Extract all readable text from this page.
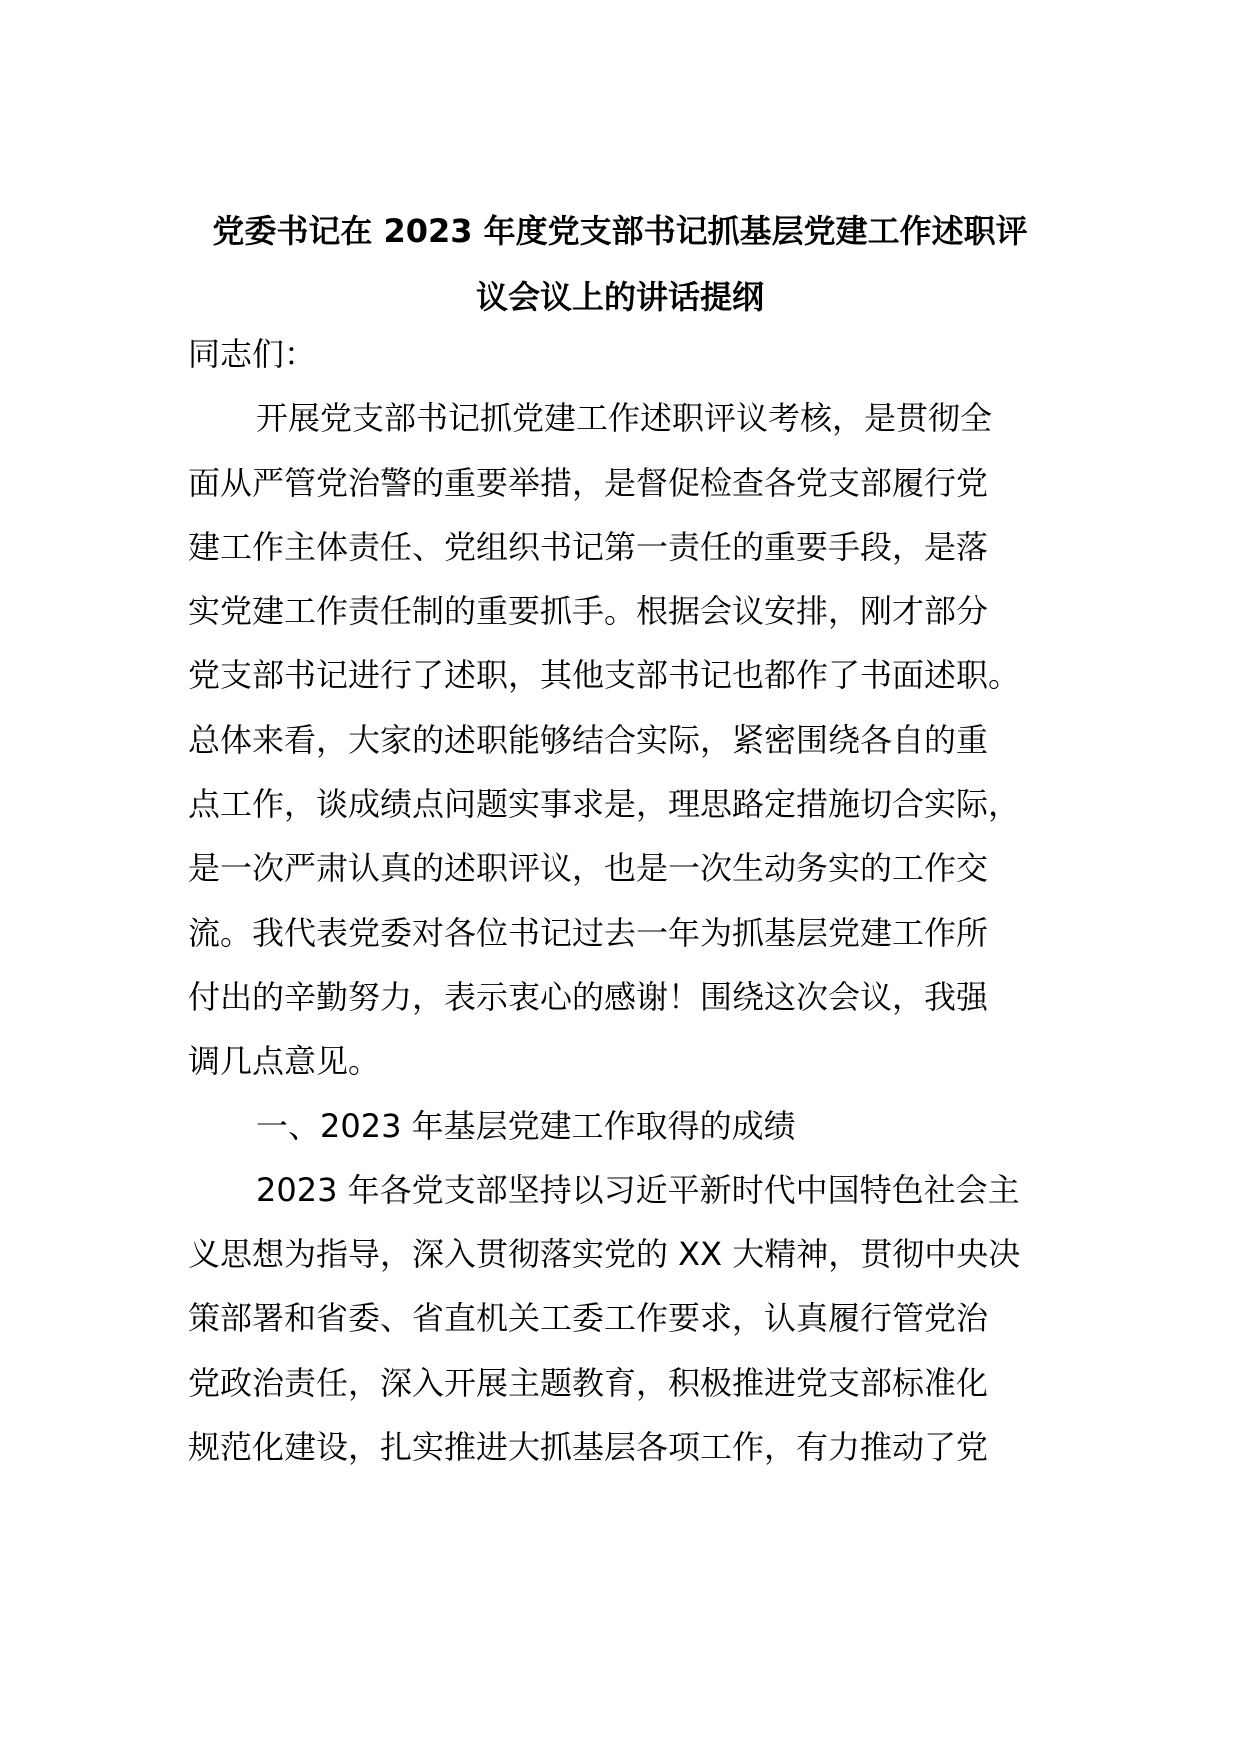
党委书记在 2023 年度党支部书记抓基层党建工作述职评
议会议上的讲话提纲
同志们：
开展党支部书记抓党建工作述职评议考核，是贯彻全
面从严管党治警的重要举措，是督促检查各党支部履行党
建工作主体责任、党组织书记第一责任的重要手段，是落
实党建工作责任制的重要抓手。根据会议安排，刚才部分
党支部书记进行了述职，其他支部书记也都作了书面述职。
总体来看，大家的述职能够结合实际，紧密围绕各自的重
点工作，谈成绩点问题实事求是，理思路定措施切合实际，
是一次严肃认真的述职评议，也是一次生动务实的工作交
流。我代表党委对各位书记过去一年为抓基层党建工作所
付出的辛勤努力，表示衷心的感谢！围绕这次会议，我强
调几点意见。
一、2023 年基层党建工作取得的成绩
2023 年各党支部坚持以习近平新时代中国特色社会主
义思想为指导，深入贯彻落实党的 XX 大精神，贯彻中央决
策部署和省委、省直机关工委工作要求，认真履行管党治
党政治责任，深入开展主题教育，积极推进党支部标准化
规范化建设，扎实推进大抓基层各项工作，有力推动了党
